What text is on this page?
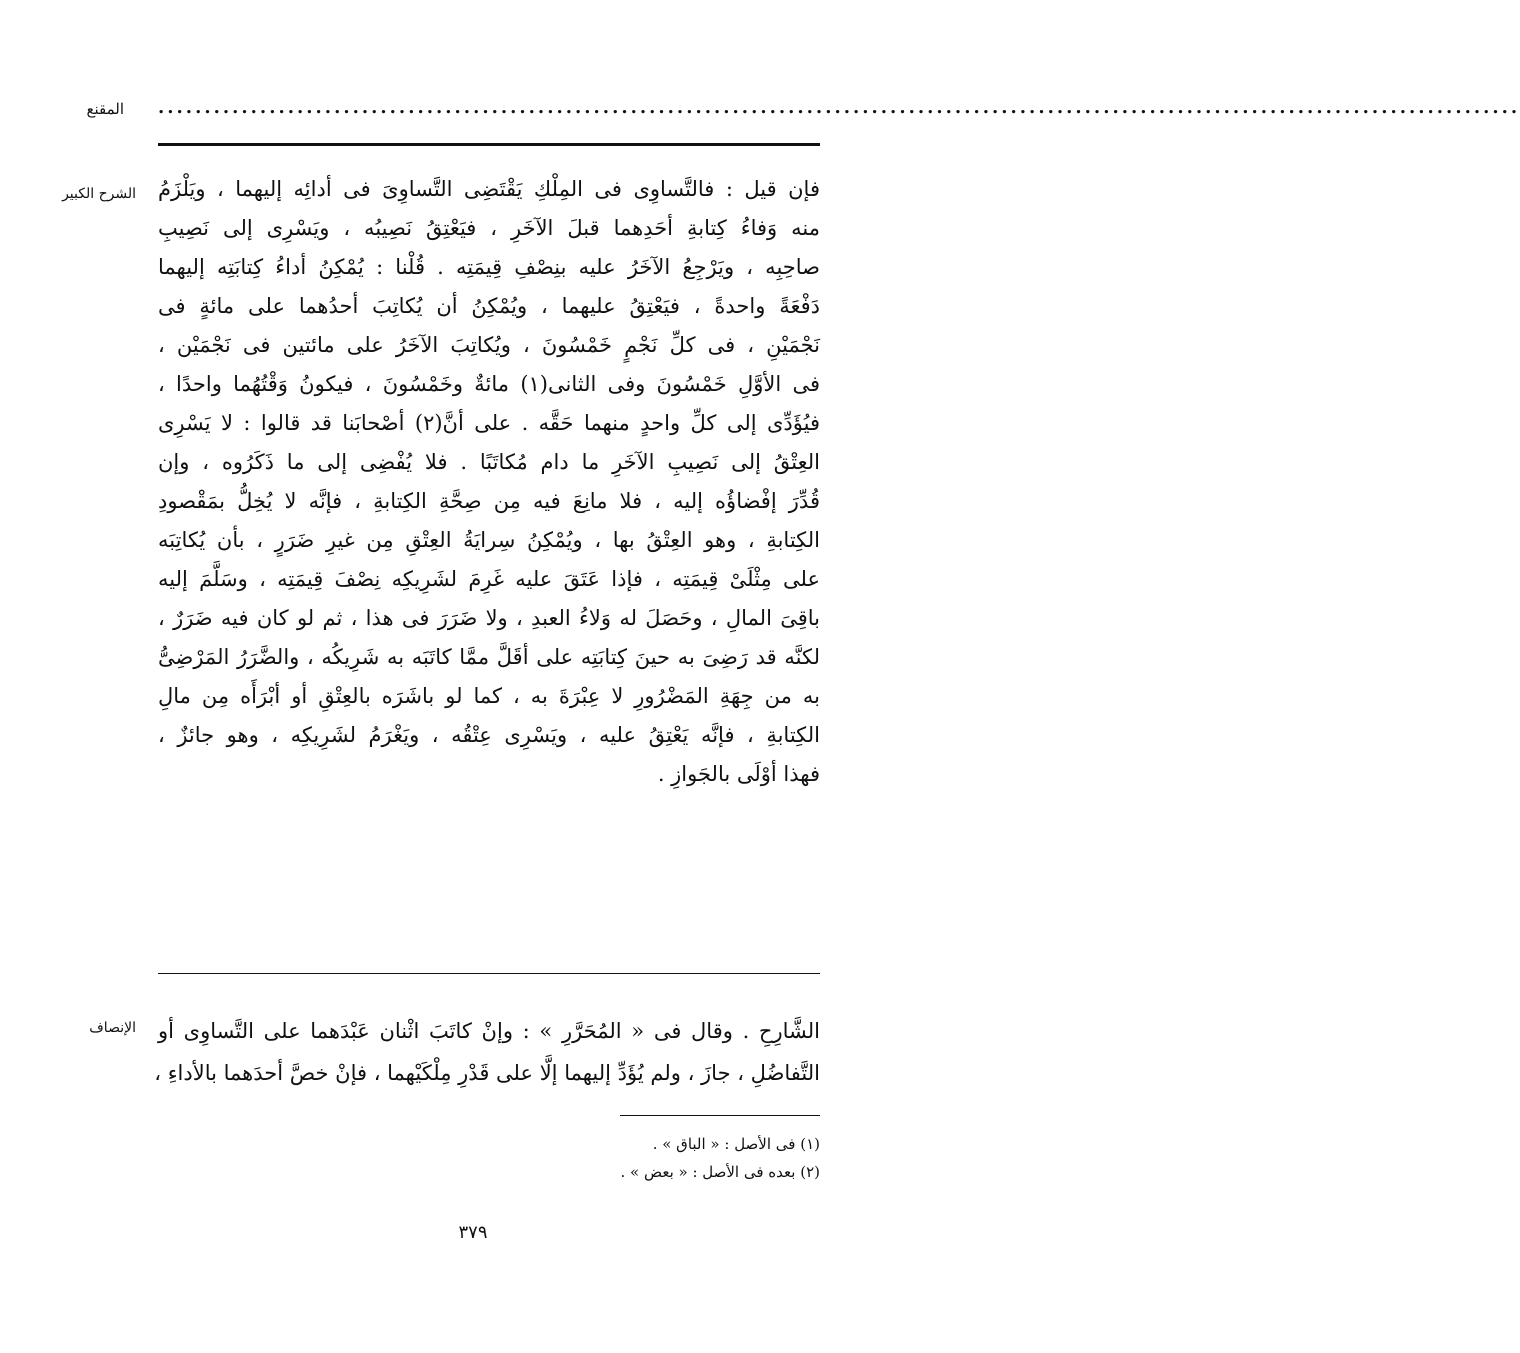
المقنع ...................................................................................................................................................
الشرح الكبير فإن قيل : فالتَّساوِى فى المِلْكِ يَقْتَضِى التَّساوِىَ فى أدائِه إليهما ، ويَلْزَمُ
منه وَفاءُ كِتابةِ أحَدِهما قبلَ الآخَرِ ، فيَعْتِقُ نَصِيبُه ، ويَسْرِى إلى نَصِيبِ
صاحِبِه ، ويَرْجِعُ الآخَرُ عليه بنِصْفِ قِيمَتِه . قُلْنا : يُمْكِنُ أداءُ كِتابَتِه إليهما
دَفْعَةً واحدةً ، فيَعْتِقُ عليهما ، ويُمْكِنُ أن يُكاتِبَ أحدُهما على مائةٍ فى
نَجْمَيْنِ ، فى كلِّ نَجْمٍ خَمْسُونَ ، ويُكاتِبَ الآخَرُ على مائتين فى نَجْمَيْن ،
فى الأوَّلِ خَمْسُونَ وفى الثانى(١) مائةٌ وخَمْسُونَ ، فيكونُ وَقْتُهُما واحدًا ،
فيُؤَدِّى إلى كلِّ واحدٍ منهما حَقَّه . على أنَّ(٢) أصْحابَنا قد قالوا : لا يَسْرِى
العِتْقُ إلى نَصِيبِ الآخَرِ ما دام مُكاتَبًا . فلا يُفْضِى إلى ما ذَكَرُوه ، وإن
قُدِّرَ إفْضاؤُه إليه ، فلا مانِعَ فيه مِن صِحَّةِ الكِتابةِ ، فإنَّه لا يُخِلُّ بمَقْصودِ
الكِتابةِ ، وهو العِتْقُ بها ، ويُمْكِنُ سِرايَةُ العِتْقِ مِن غيرِ ضَرَرٍ ، بأن يُكاتِبَه
على مِثْلَىْ قِيمَتِه ، فإذا عَتَقَ عليه غَرِمَ لشَرِيكِه نِصْفَ قِيمَتِه ، وسَلَّمَ إليه
باقِىَ المالِ ، وحَصَلَ له وَلاءُ العبدِ ، ولا ضَرَرَ فى هذا ، ثم لو كان فيه ضَرَرٌ ،
لكنَّه قد رَضِىَ به حينَ كِتابَتِه على أقَلَّ ممَّا كاتَبَه به شَرِيكُه ، والضَّرَرُ المَرْضِىُّ
به من جِهَةِ المَضْرُورِ لا عِبْرَةَ به ، كما لو باشَرَه بالعِتْقِ أو أبْرَأَه مِن مالِ
الكِتابةِ ، فإنَّه يَعْتِقُ عليه ، ويَسْرِى عِتْقُه ، ويَغْرَمُ لشَرِيكِه ، وهو جائزٌ ،
فهذا أوْلَى بالجَوازِ .
الإنصاف الشَّارِحِ . وقال فى « المُحَرَّرِ » : وإنْ كاتَبَ اثْنان عَبْدَهما على التَّساوِى أو
التَّفاضُلِ ، جازَ ، ولم يُؤَدِّ إليهما إلَّا على قَدْرِ مِلْكَيْهما ، فإنْ خصَّ أحدَهما بالأداءِ ،
(١) فى الأصل : « الباق » .
(٢) بعده فى الأصل : « بعض » .
٣٧٩
